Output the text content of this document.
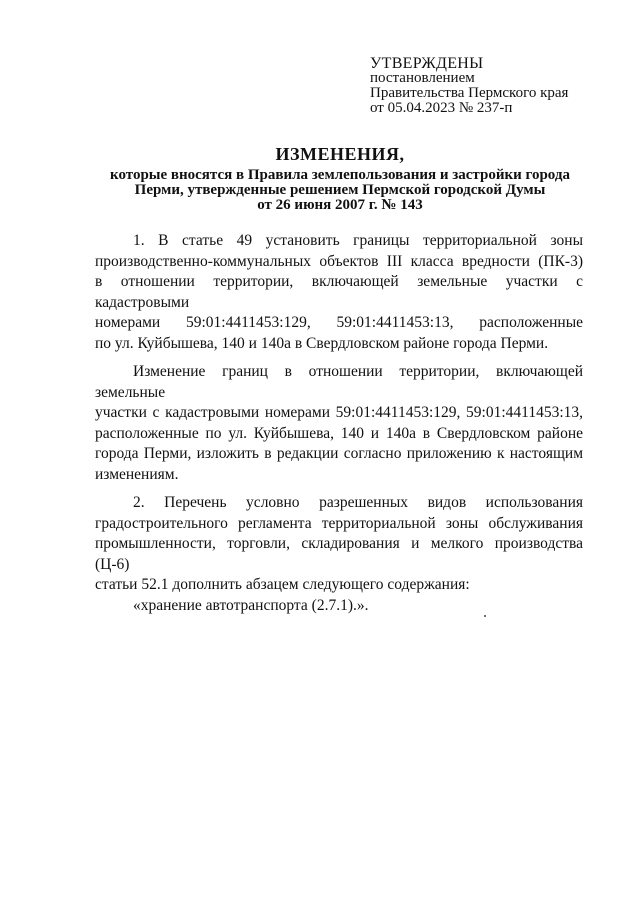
УТВЕРЖДЕНЫ
постановлением
Правительства Пермского края
от 05.04.2023 № 237-п
ИЗМЕНЕНИЯ,
которые вносятся в Правила землепользования и застройки города
Перми, утвержденные решением Пермской городской Думы
от 26 июня 2007 г. № 143

1. В статье 49 установить границы территориальной зоны

производственно-коммунальных объектов III класса вредности (ПК-3)

в отношении территории, включающей земельные участки с кадастровыми

номерами 59:01:4411453:129, 59:01:4411453:13, расположенные

по ул. Куйбышева, 140 и 140а в Свердловском районе города Перми.

Изменение границ в отношении территории, включающей земельные

участки с кадастровыми номерами 59:01:4411453:129, 59:01:4411453:13,

расположенные по ул. Куйбышева, 140 и 140а в Свердловском районе

города Перми, изложить в редакции согласно приложению к настоящим

изменениям.

2. Перечень условно разрешенных видов использования

градостроительного регламента территориальной зоны обслуживания

промышленности, торговли, складирования и мелкого производства (Ц-6)

статьи 52.1 дополнить абзацем следующего содержания:

«хранение автотранспорта (2.7.1).».
